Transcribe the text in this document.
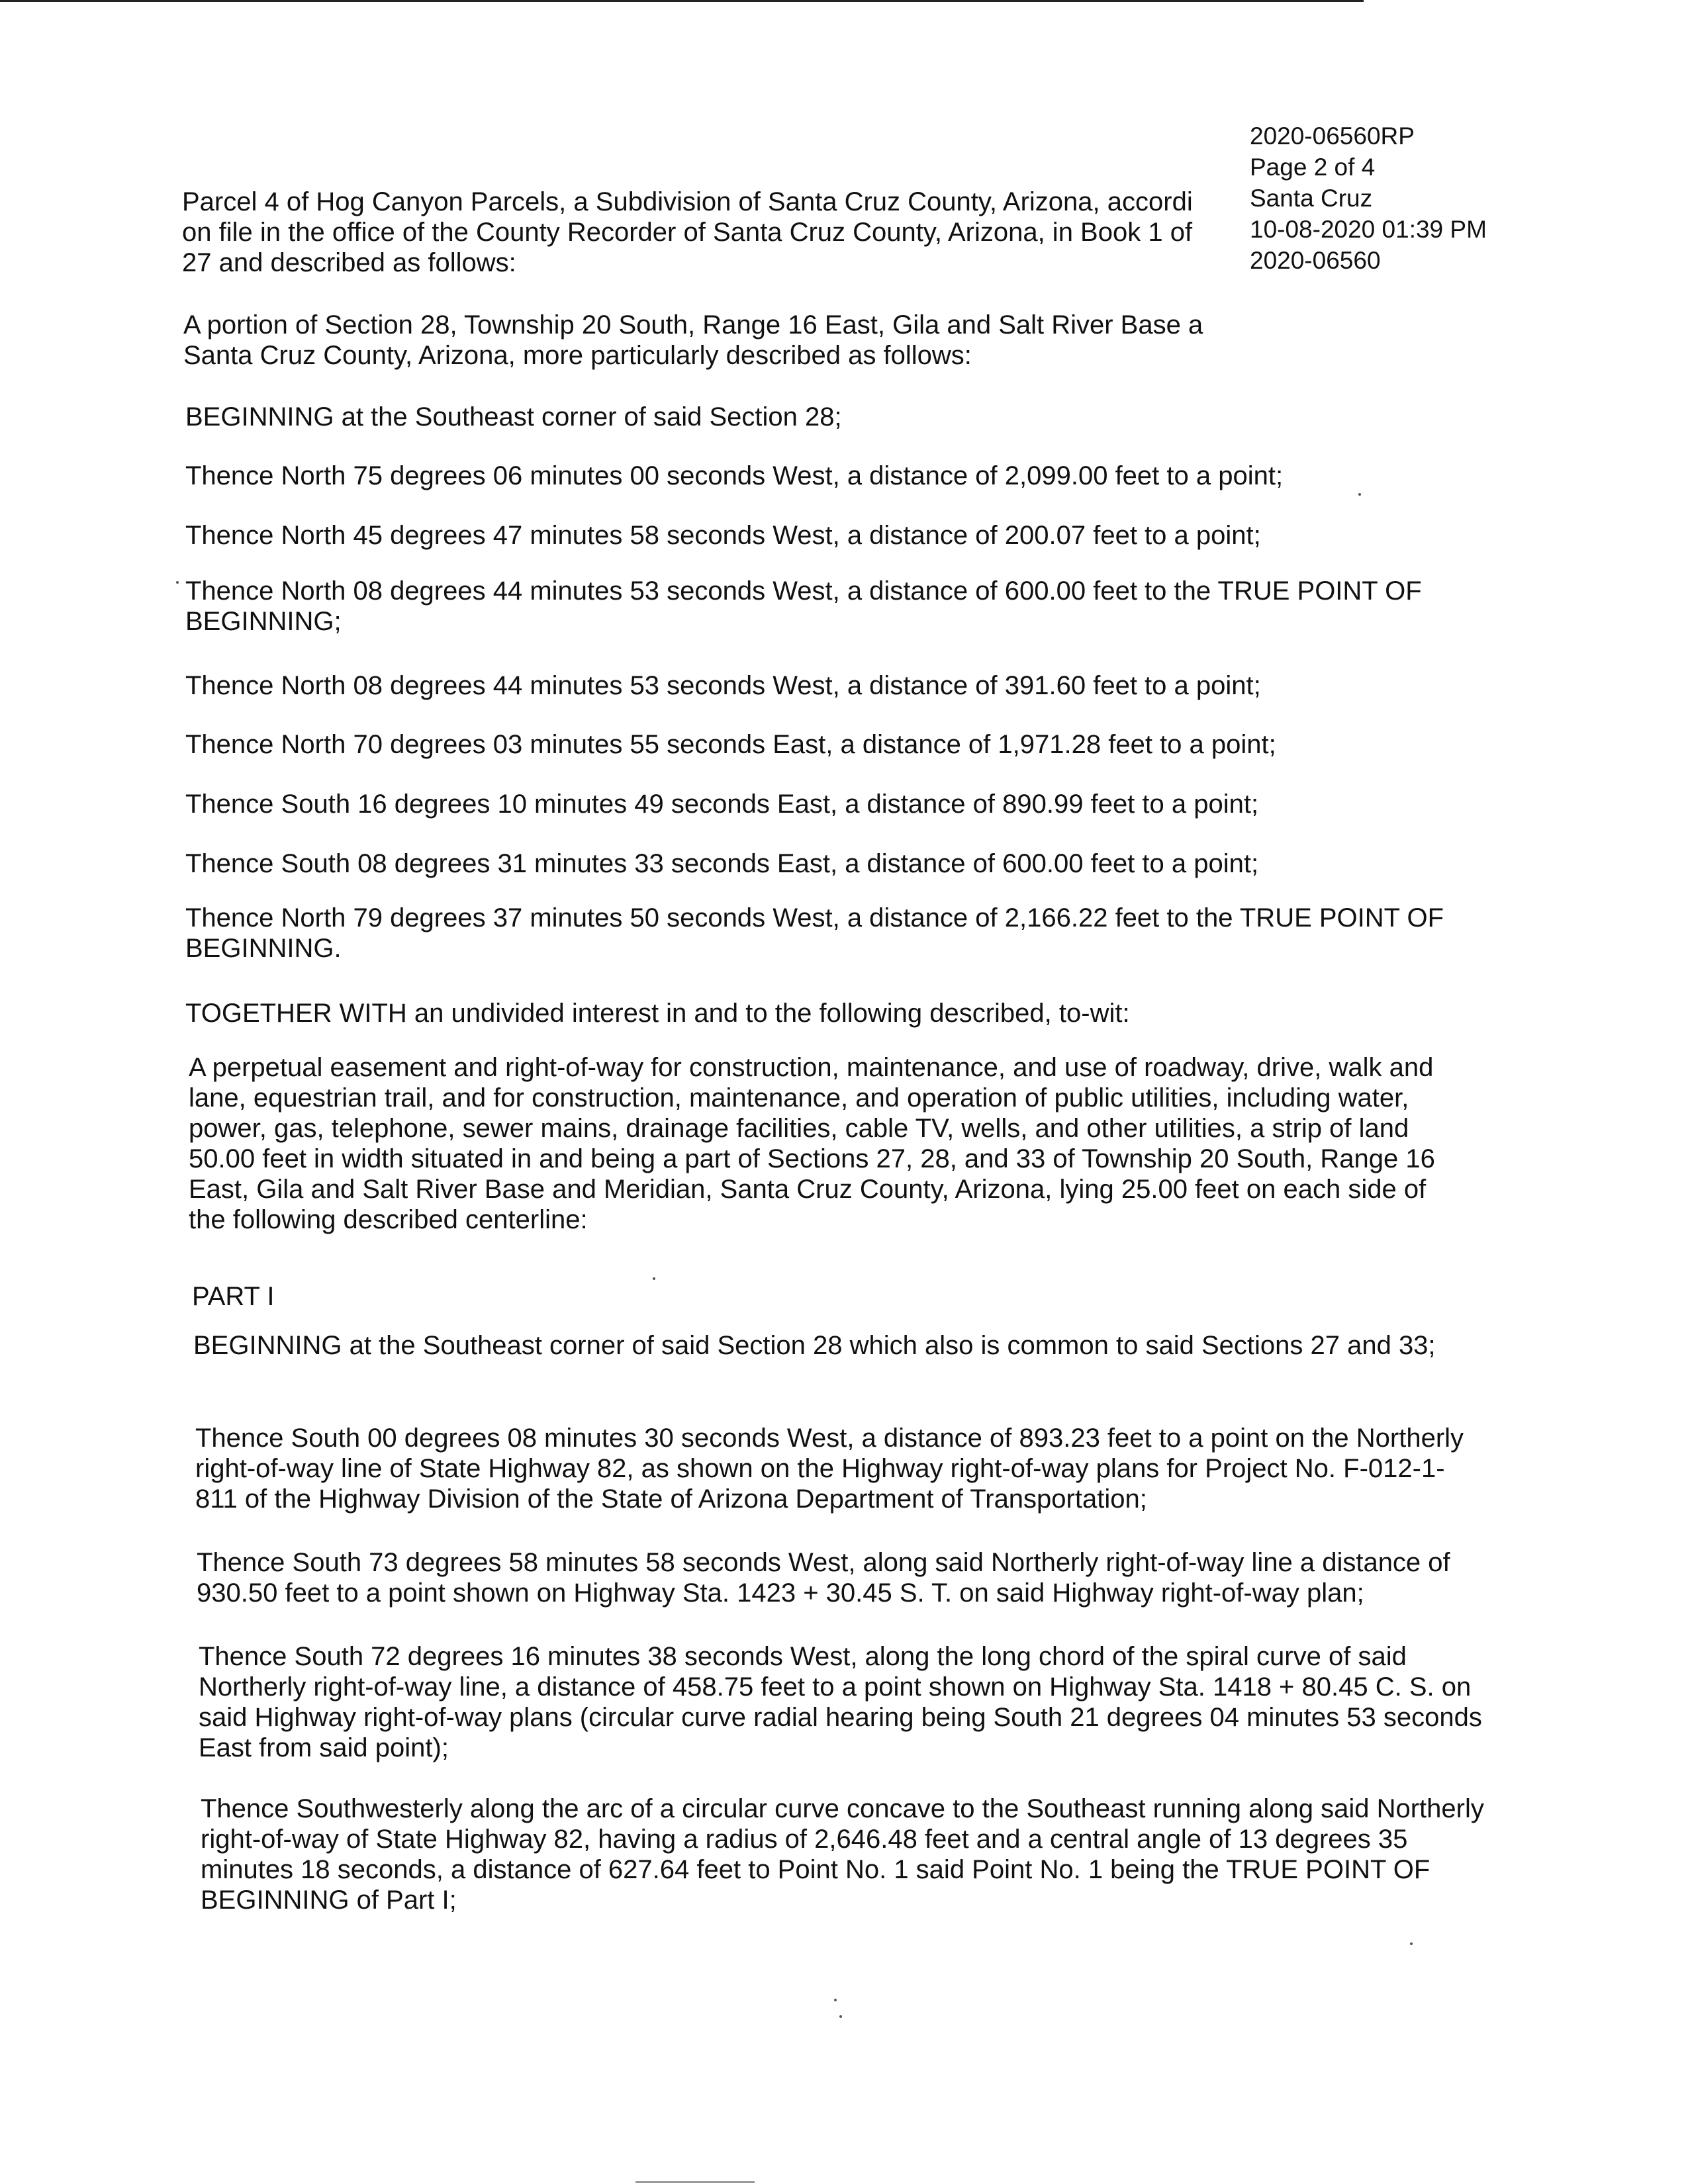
2020-06560RP
Page 2 of 4
Santa Cruz
10-08-2020 01:39 PM
2020-06560
Parcel 4 of Hog Canyon Parcels, a Subdivision of Santa Cruz County, Arizona, accordi
on file in the office of the County Recorder of Santa Cruz County, Arizona, in Book 1 of
27 and described as follows:
A portion of Section 28, Township 20 South, Range 16 East, Gila and Salt River Base a
Santa Cruz County, Arizona, more particularly described as follows:
BEGINNING at the Southeast corner of said Section 28;
Thence North 75 degrees 06 minutes 00 seconds West, a distance of 2,099.00 feet to a point;
Thence North 45 degrees 47 minutes 58 seconds West, a distance of 200.07 feet to a point;
Thence North 08 degrees 44 minutes 53 seconds West, a distance of 600.00 feet to the TRUE POINT OF BEGINNING;
Thence North 08 degrees 44 minutes 53 seconds West, a distance of 391.60 feet to a point;
Thence North 70 degrees 03 minutes 55 seconds East, a distance of 1,971.28 feet to a point;
Thence South 16 degrees 10 minutes 49 seconds East, a distance of 890.99 feet to a point;
Thence South 08 degrees 31 minutes 33 seconds East, a distance of 600.00 feet to a point;
Thence North 79 degrees 37 minutes 50 seconds West, a distance of 2,166.22 feet to the TRUE POINT OF BEGINNING.
TOGETHER WITH an undivided interest in and to the following described, to-wit:
A perpetual easement and right-of-way for construction, maintenance, and use of roadway, drive, walk and lane, equestrian trail, and for construction, maintenance, and operation of public utilities, including water, power, gas, telephone, sewer mains, drainage facilities, cable TV, wells, and other utilities, a strip of land 50.00 feet in width situated in and being a part of Sections 27, 28, and 33 of Township 20 South, Range 16 East, Gila and Salt River Base and Meridian, Santa Cruz County, Arizona, lying 25.00 feet on each side of the following described centerline:
PART I
BEGINNING at the Southeast corner of said Section 28 which also is common to said Sections 27 and 33;
Thence South 00 degrees 08 minutes 30 seconds West, a distance of 893.23 feet to a point on the Northerly right-of-way line of State Highway 82, as shown on the Highway right-of-way plans for Project No. F-012-1-811 of the Highway Division of the State of Arizona Department of Transportation;
Thence South 73 degrees 58 minutes 58 seconds West, along said Northerly right-of-way line a distance of 930.50 feet to a point shown on Highway Sta. 1423 + 30.45 S. T. on said Highway right-of-way plan;
Thence South 72 degrees 16 minutes 38 seconds West, along the long chord of the spiral curve of said Northerly right-of-way line, a distance of 458.75 feet to a point shown on Highway Sta. 1418 + 80.45 C. S. on said Highway right-of-way plans (circular curve radial hearing being South 21 degrees 04 minutes 53 seconds East from said point);
Thence Southwesterly along the arc of a circular curve concave to the Southeast running along said Northerly right-of-way of State Highway 82, having a radius of 2,646.48 feet and a central angle of 13 degrees 35 minutes 18 seconds, a distance of 627.64 feet to Point No. 1 said Point No. 1 being the TRUE POINT OF BEGINNING of Part I;
